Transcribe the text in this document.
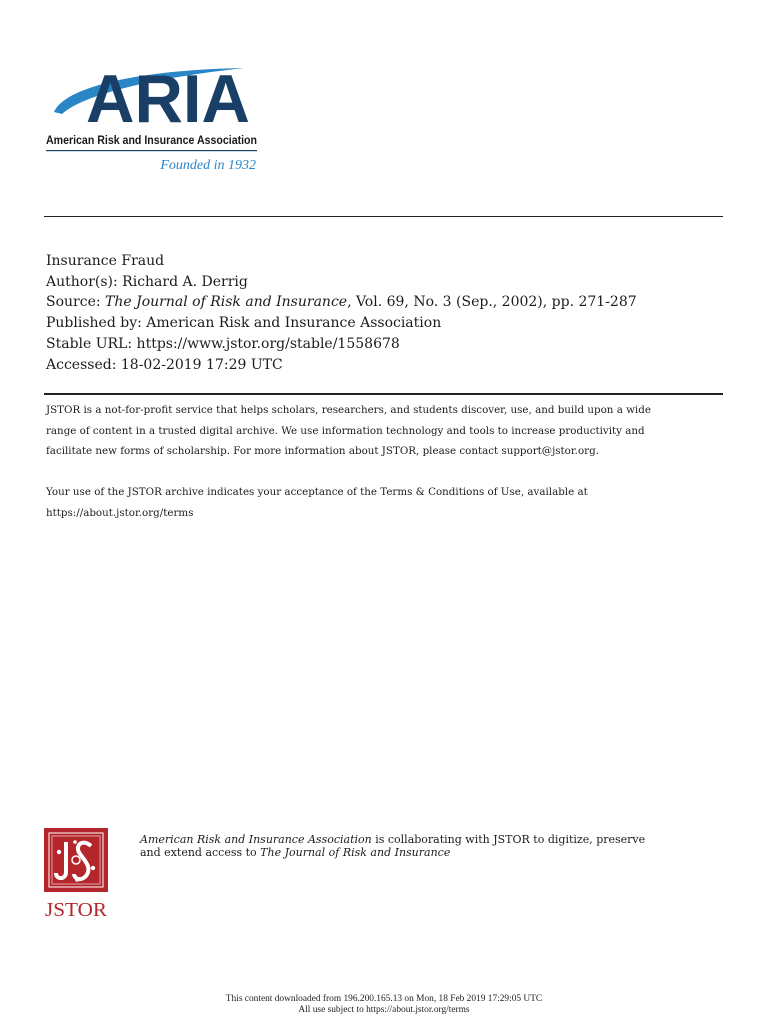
ARIA
American Risk and Insurance Association
Founded in 1932
Insurance Fraud
Author(s): Richard A. Derrig
Source: The Journal of Risk and Insurance, Vol. 69, No. 3 (Sep., 2002), pp. 271-287
Published by: American Risk and Insurance Association
Stable URL: https://www.jstor.org/stable/1558678
Accessed: 18-02-2019 17:29 UTC

JSTOR is a not-for-profit service that helps scholars, researchers, and students discover, use, and build upon a wide
range of content in a trusted digital archive. We use information technology and tools to increase productivity and
facilitate new forms of scholarship. For more information about JSTOR, please contact support@jstor.org.

Your use of the JSTOR archive indicates your acceptance of the Terms & Conditions of Use, available at
https://about.jstor.org/terms

JSTOR
American Risk and Insurance Association is collaborating with JSTOR to digitize, preserve
and extend access to The Journal of Risk and Insurance
This content downloaded from 196.200.165.13 on Mon, 18 Feb 2019 17:29:05 UTC
All use subject to https://about.jstor.org/terms
